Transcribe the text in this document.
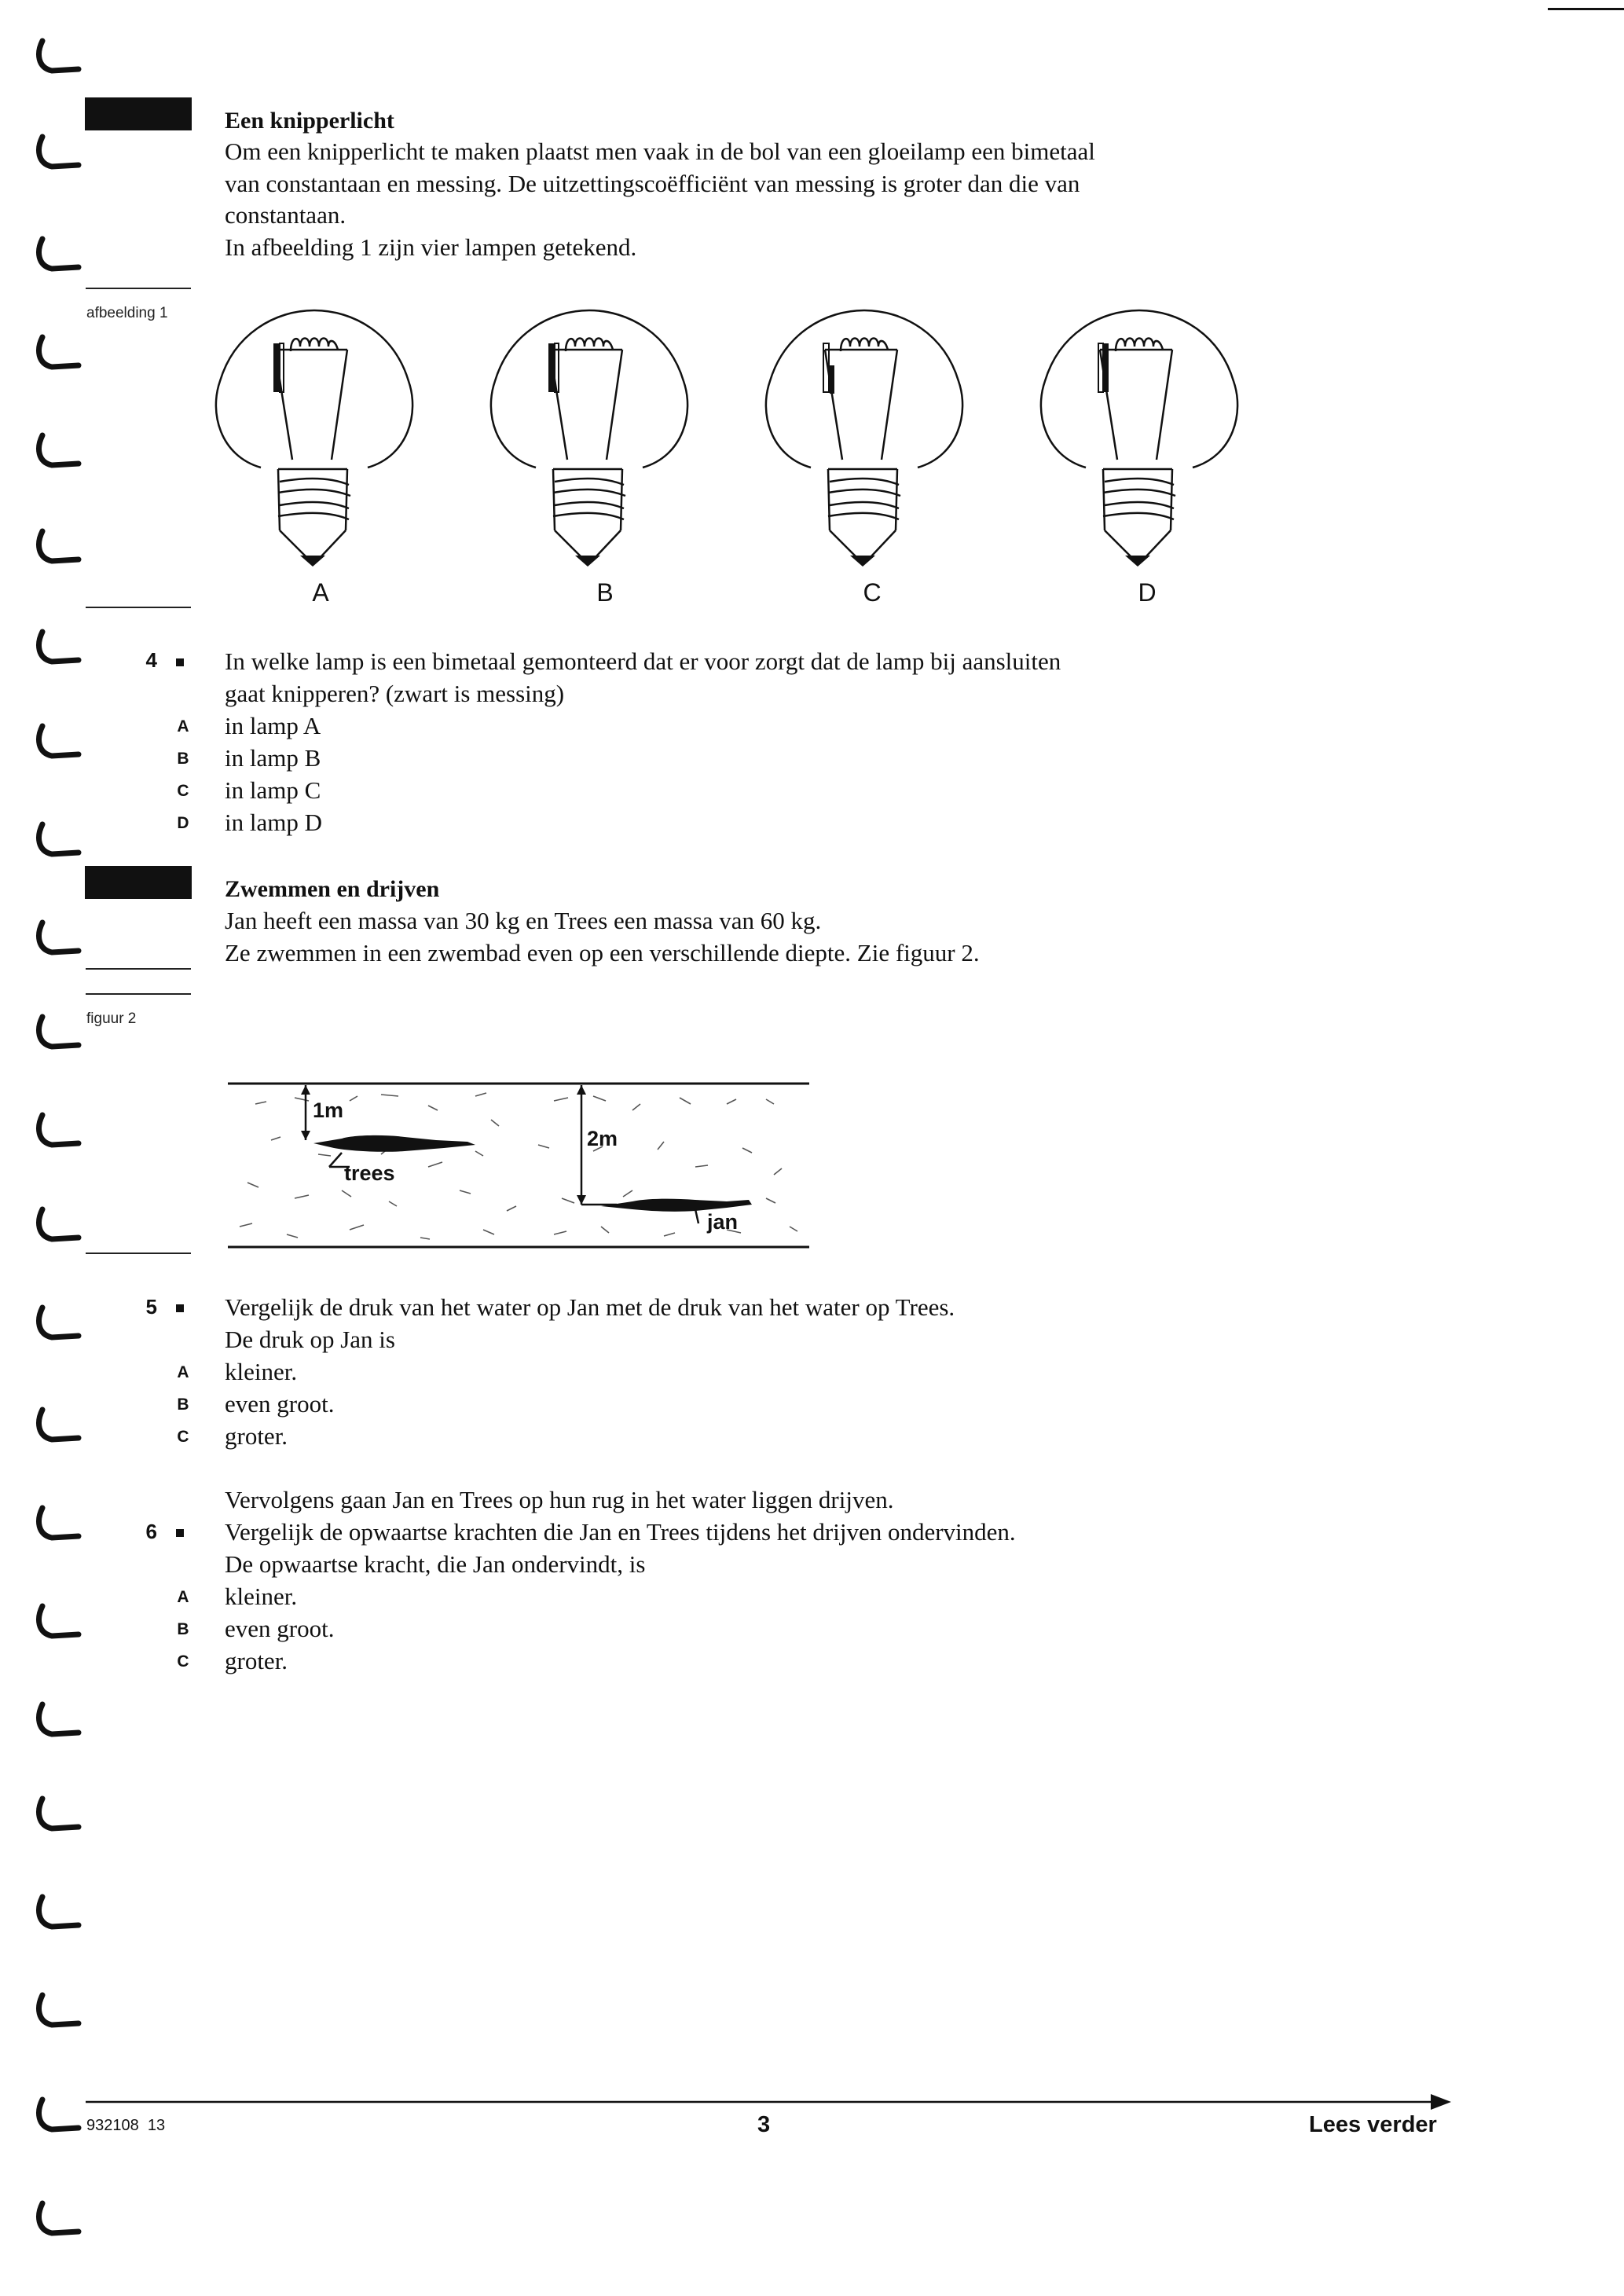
Een knipperlicht
Om een knipperlicht te maken plaatst men vaak in de bol van een gloeilamp een bimetaal
van constantaan en messing. De uitzettingscoëfficiënt van messing is groter dan die van
constantaan.
In afbeelding 1 zijn vier lampen getekend.
afbeelding 1
A	B	C	D
4	In welke lamp is een bimetaal gemonteerd dat er voor zorgt dat de lamp bij aansluiten
gaat knipperen? (zwart is messing)
A	in lamp A
B	in lamp B
C	in lamp C
D	in lamp D
Zwemmen en drijven
Jan heeft een massa van 30 kg en Trees een massa van 60 kg.
Ze zwemmen in een zwembad even op een verschillende diepte. Zie figuur 2.
figuur 2
1m
trees
2m
jan
5	Vergelijk de druk van het water op Jan met de druk van het water op Trees.
De druk op Jan is
A	kleiner.
B	even groot.
C	groter.
Vervolgens gaan Jan en Trees op hun rug in het water liggen drijven.
6	Vergelijk de opwaartse krachten die Jan en Trees tijdens het drijven ondervinden.
De opwaartse kracht, die Jan ondervindt, is
A	kleiner.
B	even groot.
C	groter.
932108  13	3	Lees verder
